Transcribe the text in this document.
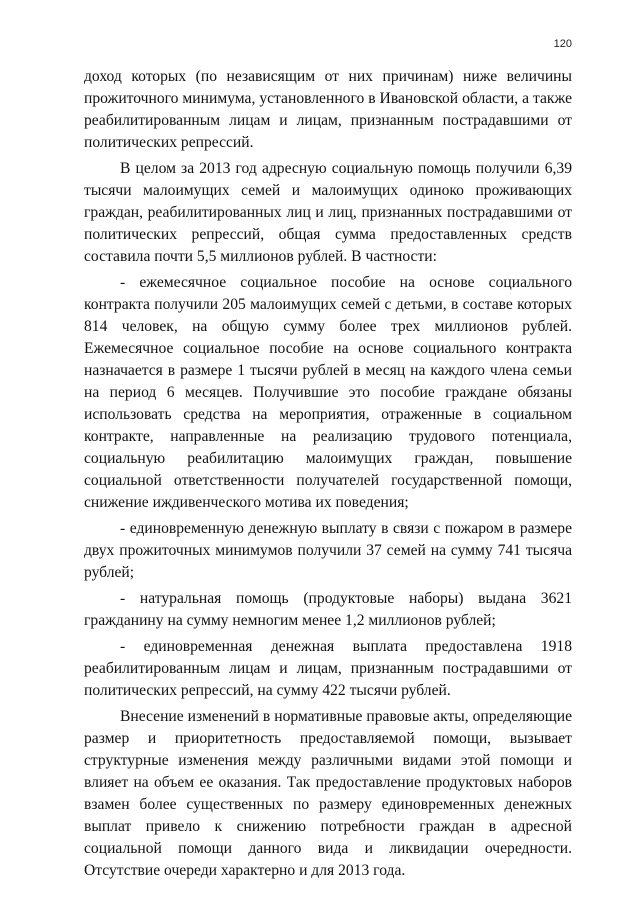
120

доход которых (по независящим от них причинам) ниже величины прожиточного минимума, установленного в Ивановской области, а также реабилитированным лицам и лицам, признанным пострадавшими от политических репрессий.

В целом за 2013 год адресную социальную помощь получили 6,39 тысячи малоимущих семей и малоимущих одиноко проживающих граждан, реабилитированных лиц и лиц, признанных пострадавшими от политических репрессий, общая сумма предоставленных средств составила почти 5,5 миллионов рублей. В частности:

- ежемесячное социальное пособие на основе социального контракта получили 205 малоимущих семей с детьми, в составе которых 814 человек, на общую сумму более трех миллионов рублей. Ежемесячное социальное пособие на основе социального контракта назначается в размере 1 тысячи рублей в месяц на каждого члена семьи на период 6 месяцев. Получившие это пособие граждане обязаны использовать средства на мероприятия, отраженные в социальном контракте, направленные на реализацию трудового потенциала, социальную реабилитацию малоимущих граждан, повышение социальной ответственности получателей государственной помощи, снижение иждивенческого мотива их поведения;

- единовременную денежную выплату в связи с пожаром в размере двух прожиточных минимумов получили 37 семей на сумму 741 тысяча рублей;

- натуральная помощь (продуктовые наборы) выдана 3621 гражданину на сумму немногим менее 1,2 миллионов рублей;

- единовременная денежная выплата предоставлена 1918 реабилитированным лицам и лицам, признанным пострадавшими от политических репрессий, на сумму 422 тысячи рублей.

Внесение изменений в нормативные правовые акты, определяющие размер и приоритетность предоставляемой помощи, вызывает структурные изменения между различными видами этой помощи и влияет на объем ее оказания. Так предоставление продуктовых наборов взамен более существенных по размеру единовременных денежных выплат привело к снижению потребности граждан в адресной социальной помощи данного вида и ликвидации очередности. Отсутствие очереди характерно и для 2013 года.
